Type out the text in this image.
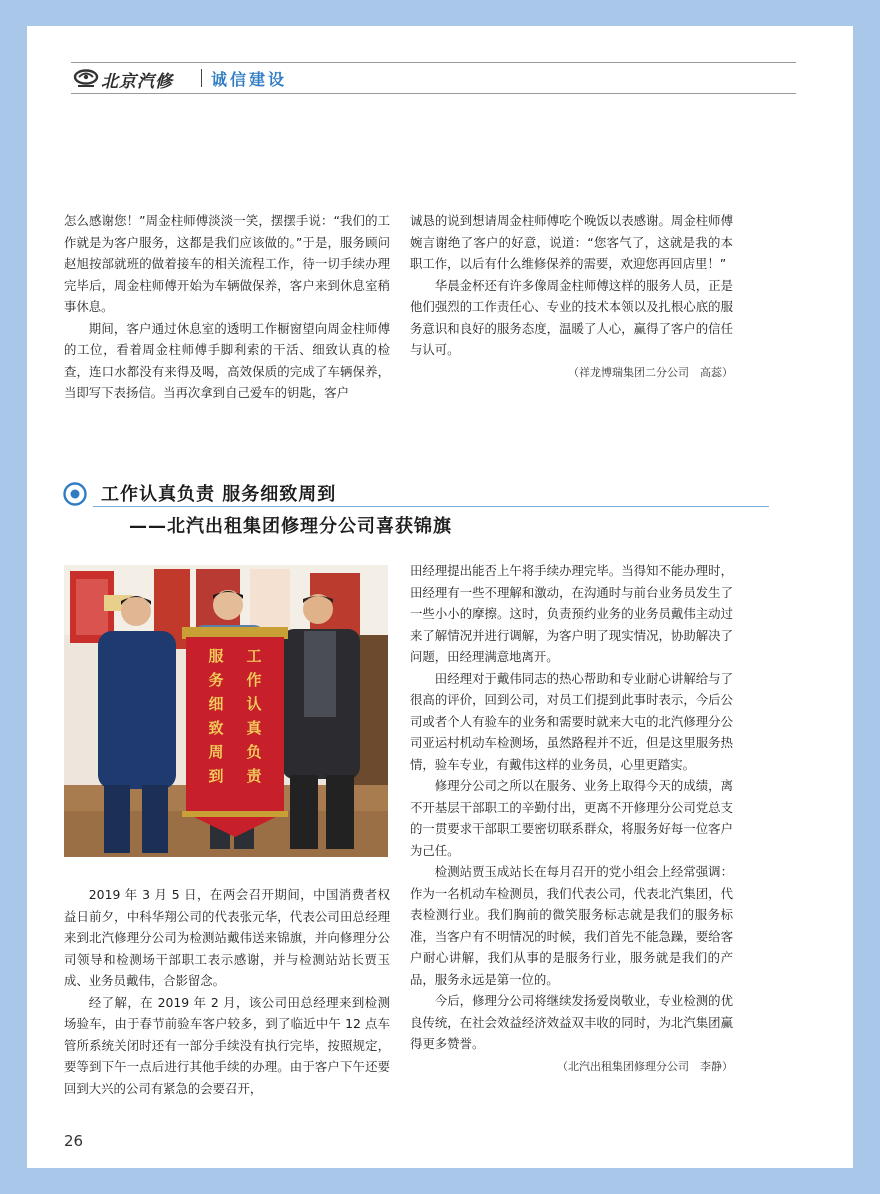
北京汽修 诚信建设

怎么感谢您！”周金柱师傅淡淡一笑，摆摆手说：“我们的工作就是为客户服务，这都是我们应该做的。”于是，服务顾问赵旭按部就班的做着接车的相关流程工作，待一切手续办理完毕后，周金柱师傅开始为车辆做保养，客户来到休息室稍事休息。

期间，客户通过休息室的透明工作橱窗望向周金柱师傅的工位，看着周金柱师傅手脚利索的干活、细致认真的检查，连口水都没有来得及喝，高效保质的完成了车辆保养，当即写下表扬信。当再次拿到自己爱车的钥匙，客户

诚恳的说到想请周金柱师傅吃个晚饭以表感谢。周金柱师傅婉言谢绝了客户的好意，说道：“您客气了，这就是我的本职工作，以后有什么维修保养的需要，欢迎您再回店里！”

华晨金杯还有许多像周金柱师傅这样的服务人员，正是他们强烈的工作责任心、专业的技术本领以及扎根心底的服务意识和良好的服务态度，温暖了人心，赢得了客户的信任与认可。

（祥龙博瑞集团二分公司　高蕊）

工作认真负责 服务细致周到
——北汽出租集团修理分公司喜获锦旗
工作认真负责服务细致周到

2019 年 3 月 5 日，在两会召开期间，中国消费者权益日前夕，中科华翔公司的代表张元华，代表公司田总经理来到北汽修理分公司为检测站戴伟送来锦旗，并向修理分公司领导和检测场干部职工表示感谢，并与检测站站长贾玉成、业务员戴伟，合影留念。

经了解，在 2019 年 2 月，该公司田总经理来到检测场验车，由于春节前验车客户较多，到了临近中午 12 点车管所系统关闭时还有一部分手续没有执行完毕，按照规定，要等到下午一点后进行其他手续的办理。由于客户下午还要回到大兴的公司有紧急的会要召开，

田经理提出能否上午将手续办理完毕。当得知不能办理时，田经理有一些不理解和激动，在沟通时与前台业务员发生了一些小小的摩擦。这时，负责预约业务的业务员戴伟主动过来了解情况并进行调解，为客户明了现实情况，协助解决了问题，田经理满意地离开。

田经理对于戴伟同志的热心帮助和专业耐心讲解给与了很高的评价，回到公司，对员工们提到此事时表示，今后公司或者个人有验车的业务和需要时就来大屯的北汽修理分公司亚运村机动车检测场，虽然路程并不近，但是这里服务热情，验车专业，有戴伟这样的业务员，心里更踏实。

修理分公司之所以在服务、业务上取得今天的成绩，离不开基层干部职工的辛勤付出，更离不开修理分公司党总支的一贯要求干部职工要密切联系群众，将服务好每一位客户为己任。

检测站贾玉成站长在每月召开的党小组会上经常强调：作为一名机动车检测员，我们代表公司，代表北汽集团，代表检测行业。我们胸前的微笑服务标志就是我们的服务标准，当客户有不明情况的时候，我们首先不能急躁，要给客户耐心讲解，我们从事的是服务行业，服务就是我们的产品，服务永远是第一位的。

今后，修理分公司将继续发扬爱岗敬业，专业检测的优良传统，在社会效益经济效益双丰收的同时，为北汽集团赢得更多赞誉。

（北汽出租集团修理分公司　李静）

26
